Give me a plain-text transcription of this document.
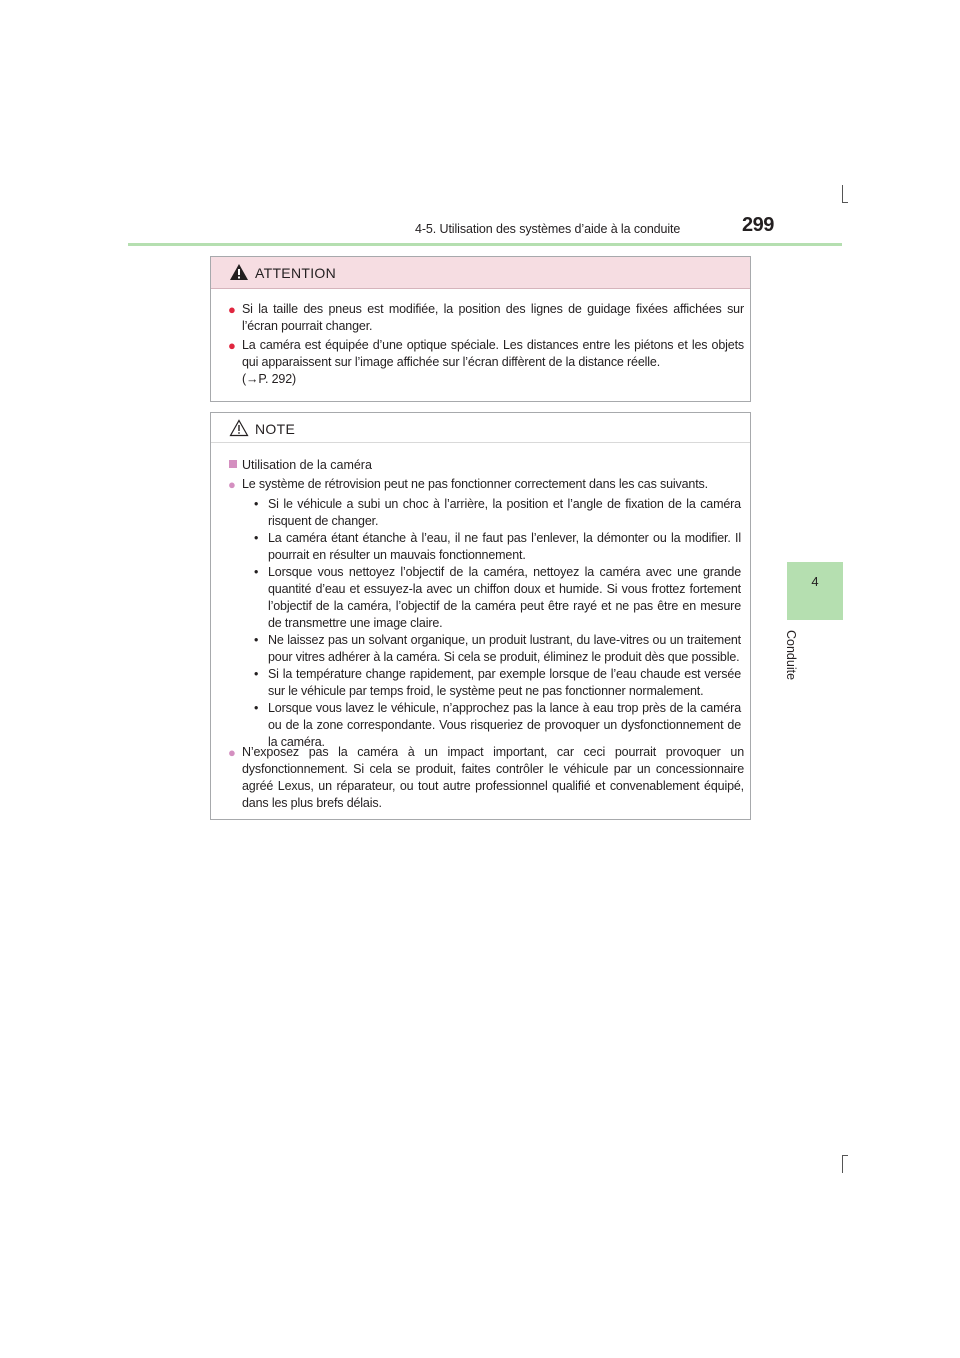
4-5. Utilisation des systèmes d’aide à la conduite	299
4
Conduite
ATTENTION
● Si la taille des pneus est modifiée, la position des lignes de guidage fixées affichées sur l’écran pourrait changer.
● La caméra est équipée d’une optique spéciale. Les distances entre les piétons et les objets qui apparaissent sur l’image affichée sur l’écran diffèrent de la distance réelle.
(→P. 292)
NOTE
Utilisation de la caméra
● Le système de rétrovision peut ne pas fonctionner correctement dans les cas suivants.
• Si le véhicule a subi un choc à l’arrière, la position et l’angle de fixation de la caméra risquent de changer.
• La caméra étant étanche à l’eau, il ne faut pas l’enlever, la démonter ou la modifier. Il pourrait en résulter un mauvais fonctionnement.
• Lorsque vous nettoyez l’objectif de la caméra, nettoyez la caméra avec une grande quantité d’eau et essuyez-la avec un chiffon doux et humide. Si vous frottez fortement l’objectif de la caméra, l’objectif de la caméra peut être rayé et ne pas être en mesure de transmettre une image claire.
• Ne laissez pas un solvant organique, un produit lustrant, du lave-vitres ou un traitement pour vitres adhérer à la caméra. Si cela se produit, éliminez le produit dès que possible.
• Si la température change rapidement, par exemple lorsque de l’eau chaude est versée sur le véhicule par temps froid, le système peut ne pas fonctionner normalement.
• Lorsque vous lavez le véhicule, n’approchez pas la lance à eau trop près de la caméra ou de la zone correspondante. Vous risqueriez de provoquer un dysfonctionnement de la caméra.
● N’exposez pas la caméra à un impact important, car ceci pourrait provoquer un dysfonctionnement. Si cela se produit, faites contrôler le véhicule par un concessionnaire agréé Lexus, un réparateur, ou tout autre professionnel qualifié et convenablement équipé, dans les plus brefs délais.
